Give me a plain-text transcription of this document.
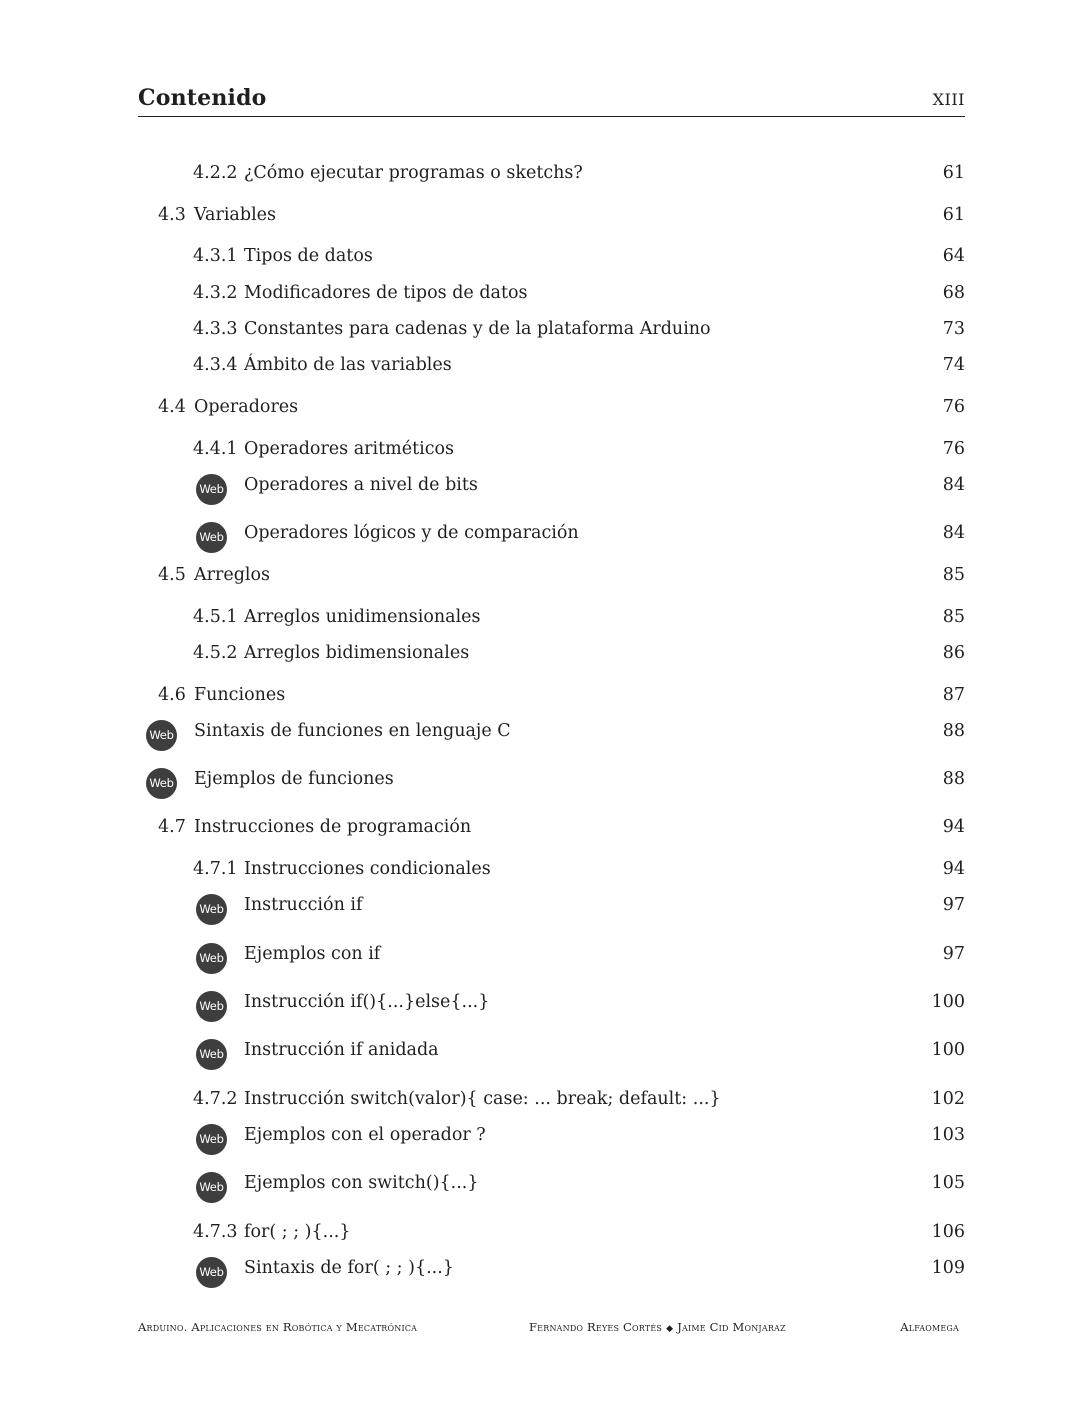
Contenido	XIII
4.2.2 ¿Cómo ejecutar programas o sketchs?	61
4.3 Variables	61
4.3.1 Tipos de datos	64
4.3.2 Modificadores de tipos de datos	68
4.3.3 Constantes para cadenas y de la plataforma Arduino	73
4.3.4 Ámbito de las variables	74
4.4 Operadores	76
4.4.1 Operadores aritméticos	76
Web Operadores a nivel de bits	84
Web Operadores lógicos y de comparación	84
4.5 Arreglos	85
4.5.1 Arreglos unidimensionales	85
4.5.2 Arreglos bidimensionales	86
4.6 Funciones	87
Web Sintaxis de funciones en lenguaje C	88
Web Ejemplos de funciones	88
4.7 Instrucciones de programación	94
4.7.1 Instrucciones condicionales	94
Web Instrucción if	97
Web Ejemplos con if	97
Web Instrucción if(){...}else{...}	100
Web Instrucción if anidada	100
4.7.2 Instrucción switch(valor){ case: ... break; default: ...}	102
Web Ejemplos con el operador ?	103
Web Ejemplos con switch(){...}	105
4.7.3 for( ; ; ){...}	106
Web Sintaxis de for( ; ; ){...}	109
Arduino. Aplicaciones en Robótica y Mecatrónica	Fernando Reyes Cortés ◆ Jaime Cid Monjaraz	Alfaomega
